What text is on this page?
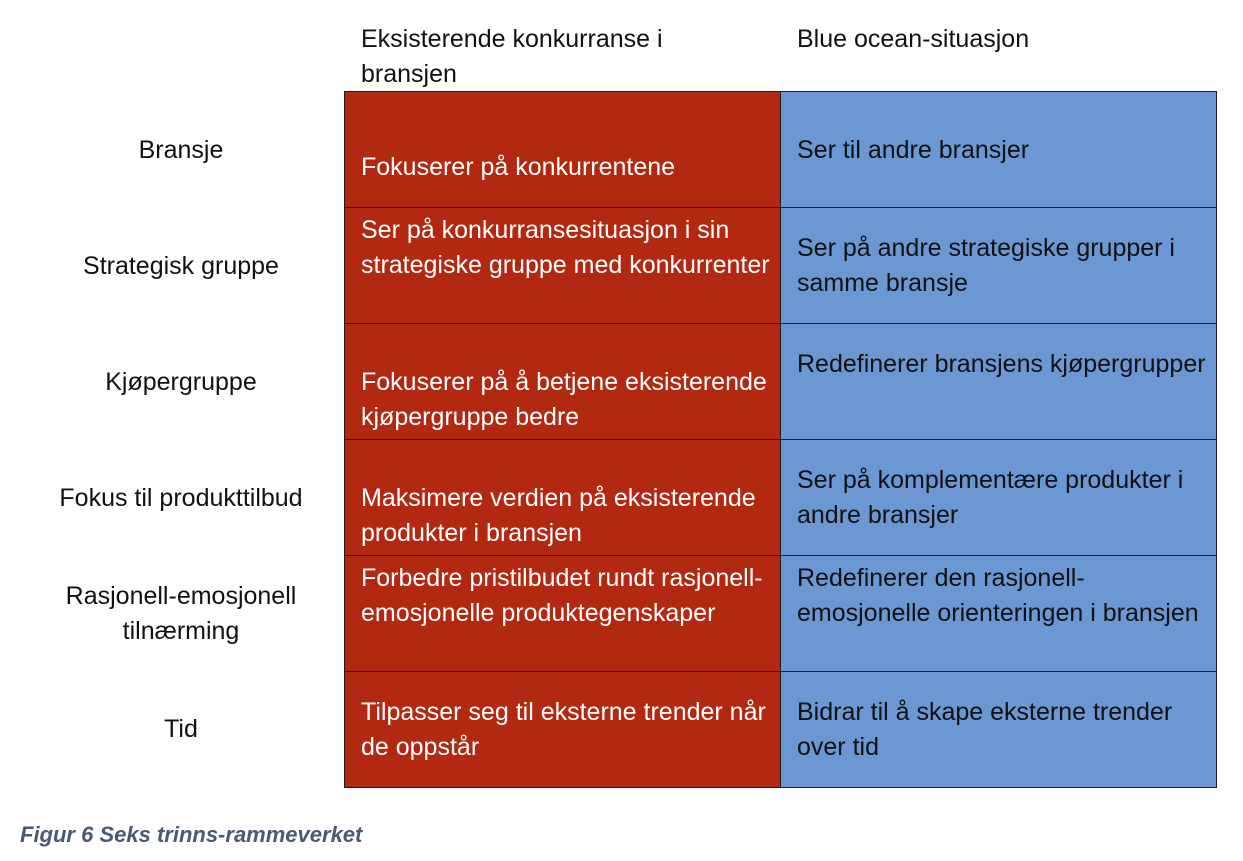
Eksisterende konkurranse i bransjen
Blue ocean-situasjon
Bransje
Fokuserer på konkurrentene
Ser til andre bransjer
Strategisk gruppe
Ser på konkurransesituasjon i sin strategiske gruppe med konkurrenter
Ser på andre strategiske grupper i samme bransje
Kjøpergruppe	Fokuserer på å betjene eksisterende kjøpergruppe bedre
Redefinerer bransjens kjøpergrupper
Fokus til produkttilbud	Maksimere verdien på eksisterende produkter i bransjen
Ser på komplementære produkter i andre bransjer
Rasjonell-emosjonell tilnærming
Forbedre pristilbudet rundt rasjonell-emosjonelle produktegenskaper
Redefinerer den rasjonell-emosjonelle orienteringen i bransjen
Tid
Tilpasser seg til eksterne trender når de oppstår
Bidrar til å skape eksterne trender over tid
Figur 6 Seks trinns-rammeverket
